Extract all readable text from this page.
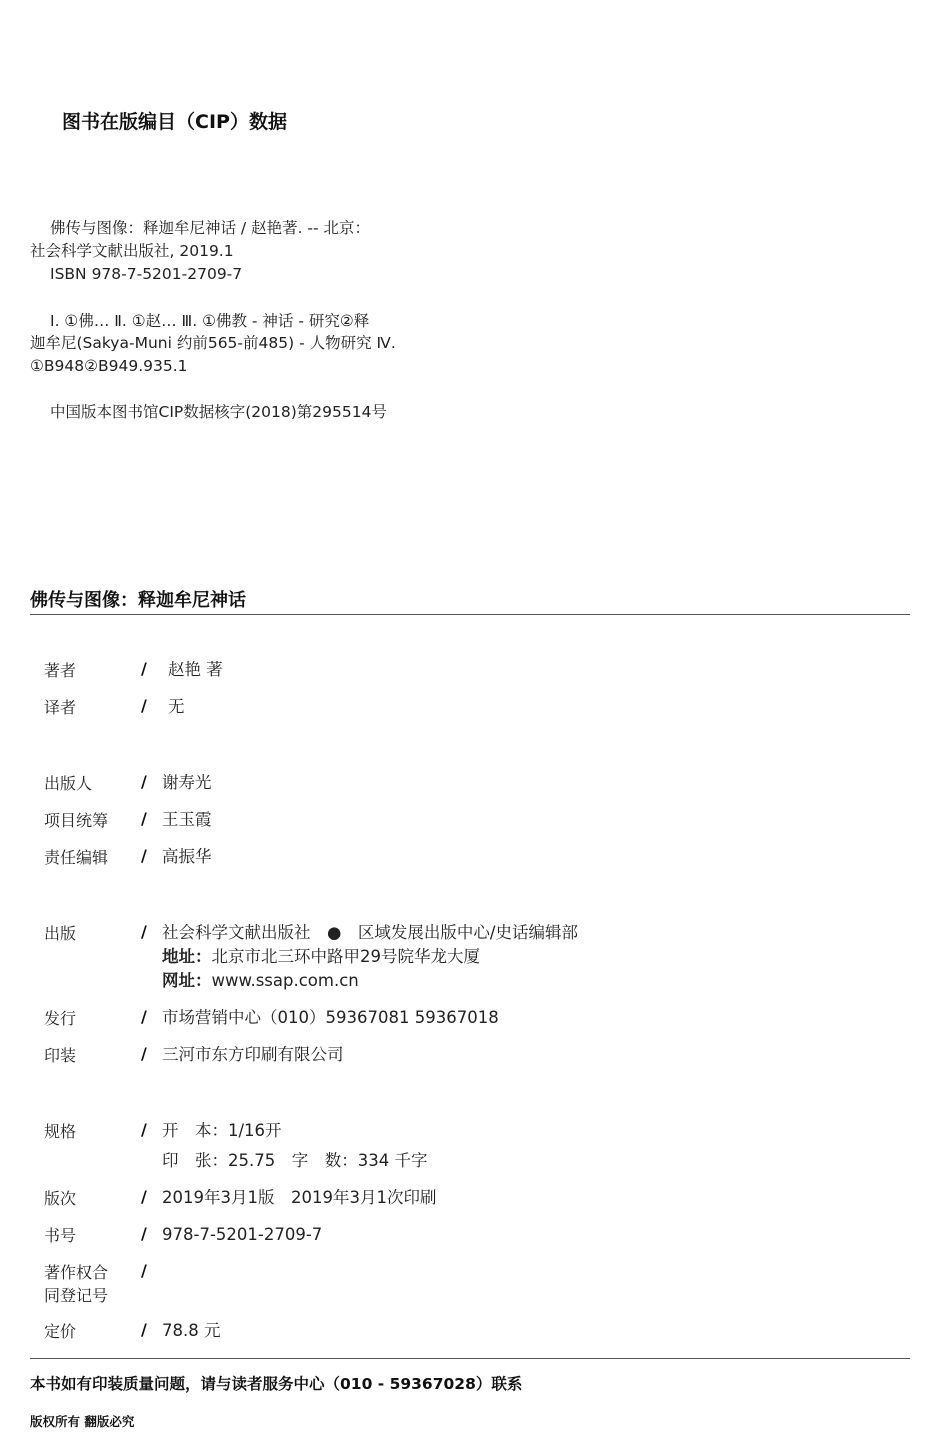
图书在版编目（CIP）数据
佛传与图像：释迦牟尼神话 / 赵艳著. -- 北京：
社会科学文献出版社, 2019.1
ISBN 978-7-5201-2709-7
Ⅰ. ①佛… Ⅱ. ①赵… Ⅲ. ①佛教 - 神话 - 研究②释
迦牟尼(Sakya-Muni 约前565-前485) - 人物研究 Ⅳ.
①B948②B949.935.1
中国版本图书馆CIP数据核字(2018)第295514号
佛传与图像：释迦牟尼神话
著者	/ 赵艳 著
译者	/ 无
出版人	/ 谢寿光
项目统筹 / 王玉霞
责任编辑 / 高振华
出版	/ 社会科学文献出版社　●　区域发展出版中心/史话编辑部
地址：北京市北三环中路甲29号院华龙大厦
网址：www.ssap.com.cn
发行	/ 市场营销中心（010）59367081 59367018
印装	/ 三河市东方印刷有限公司
规格	/ 开　本：1/16开
印　张：25.75　字　数：334 千字
版次	/ 2019年3月1版　2019年3月1次印刷
书号	/ 978-7-5201-2709-7
著作权合
同登记号
/
定价	/ 78.8 元
本书如有印装质量问题，请与读者服务中心（010 - 59367028）联系
版权所有 翻版必究
